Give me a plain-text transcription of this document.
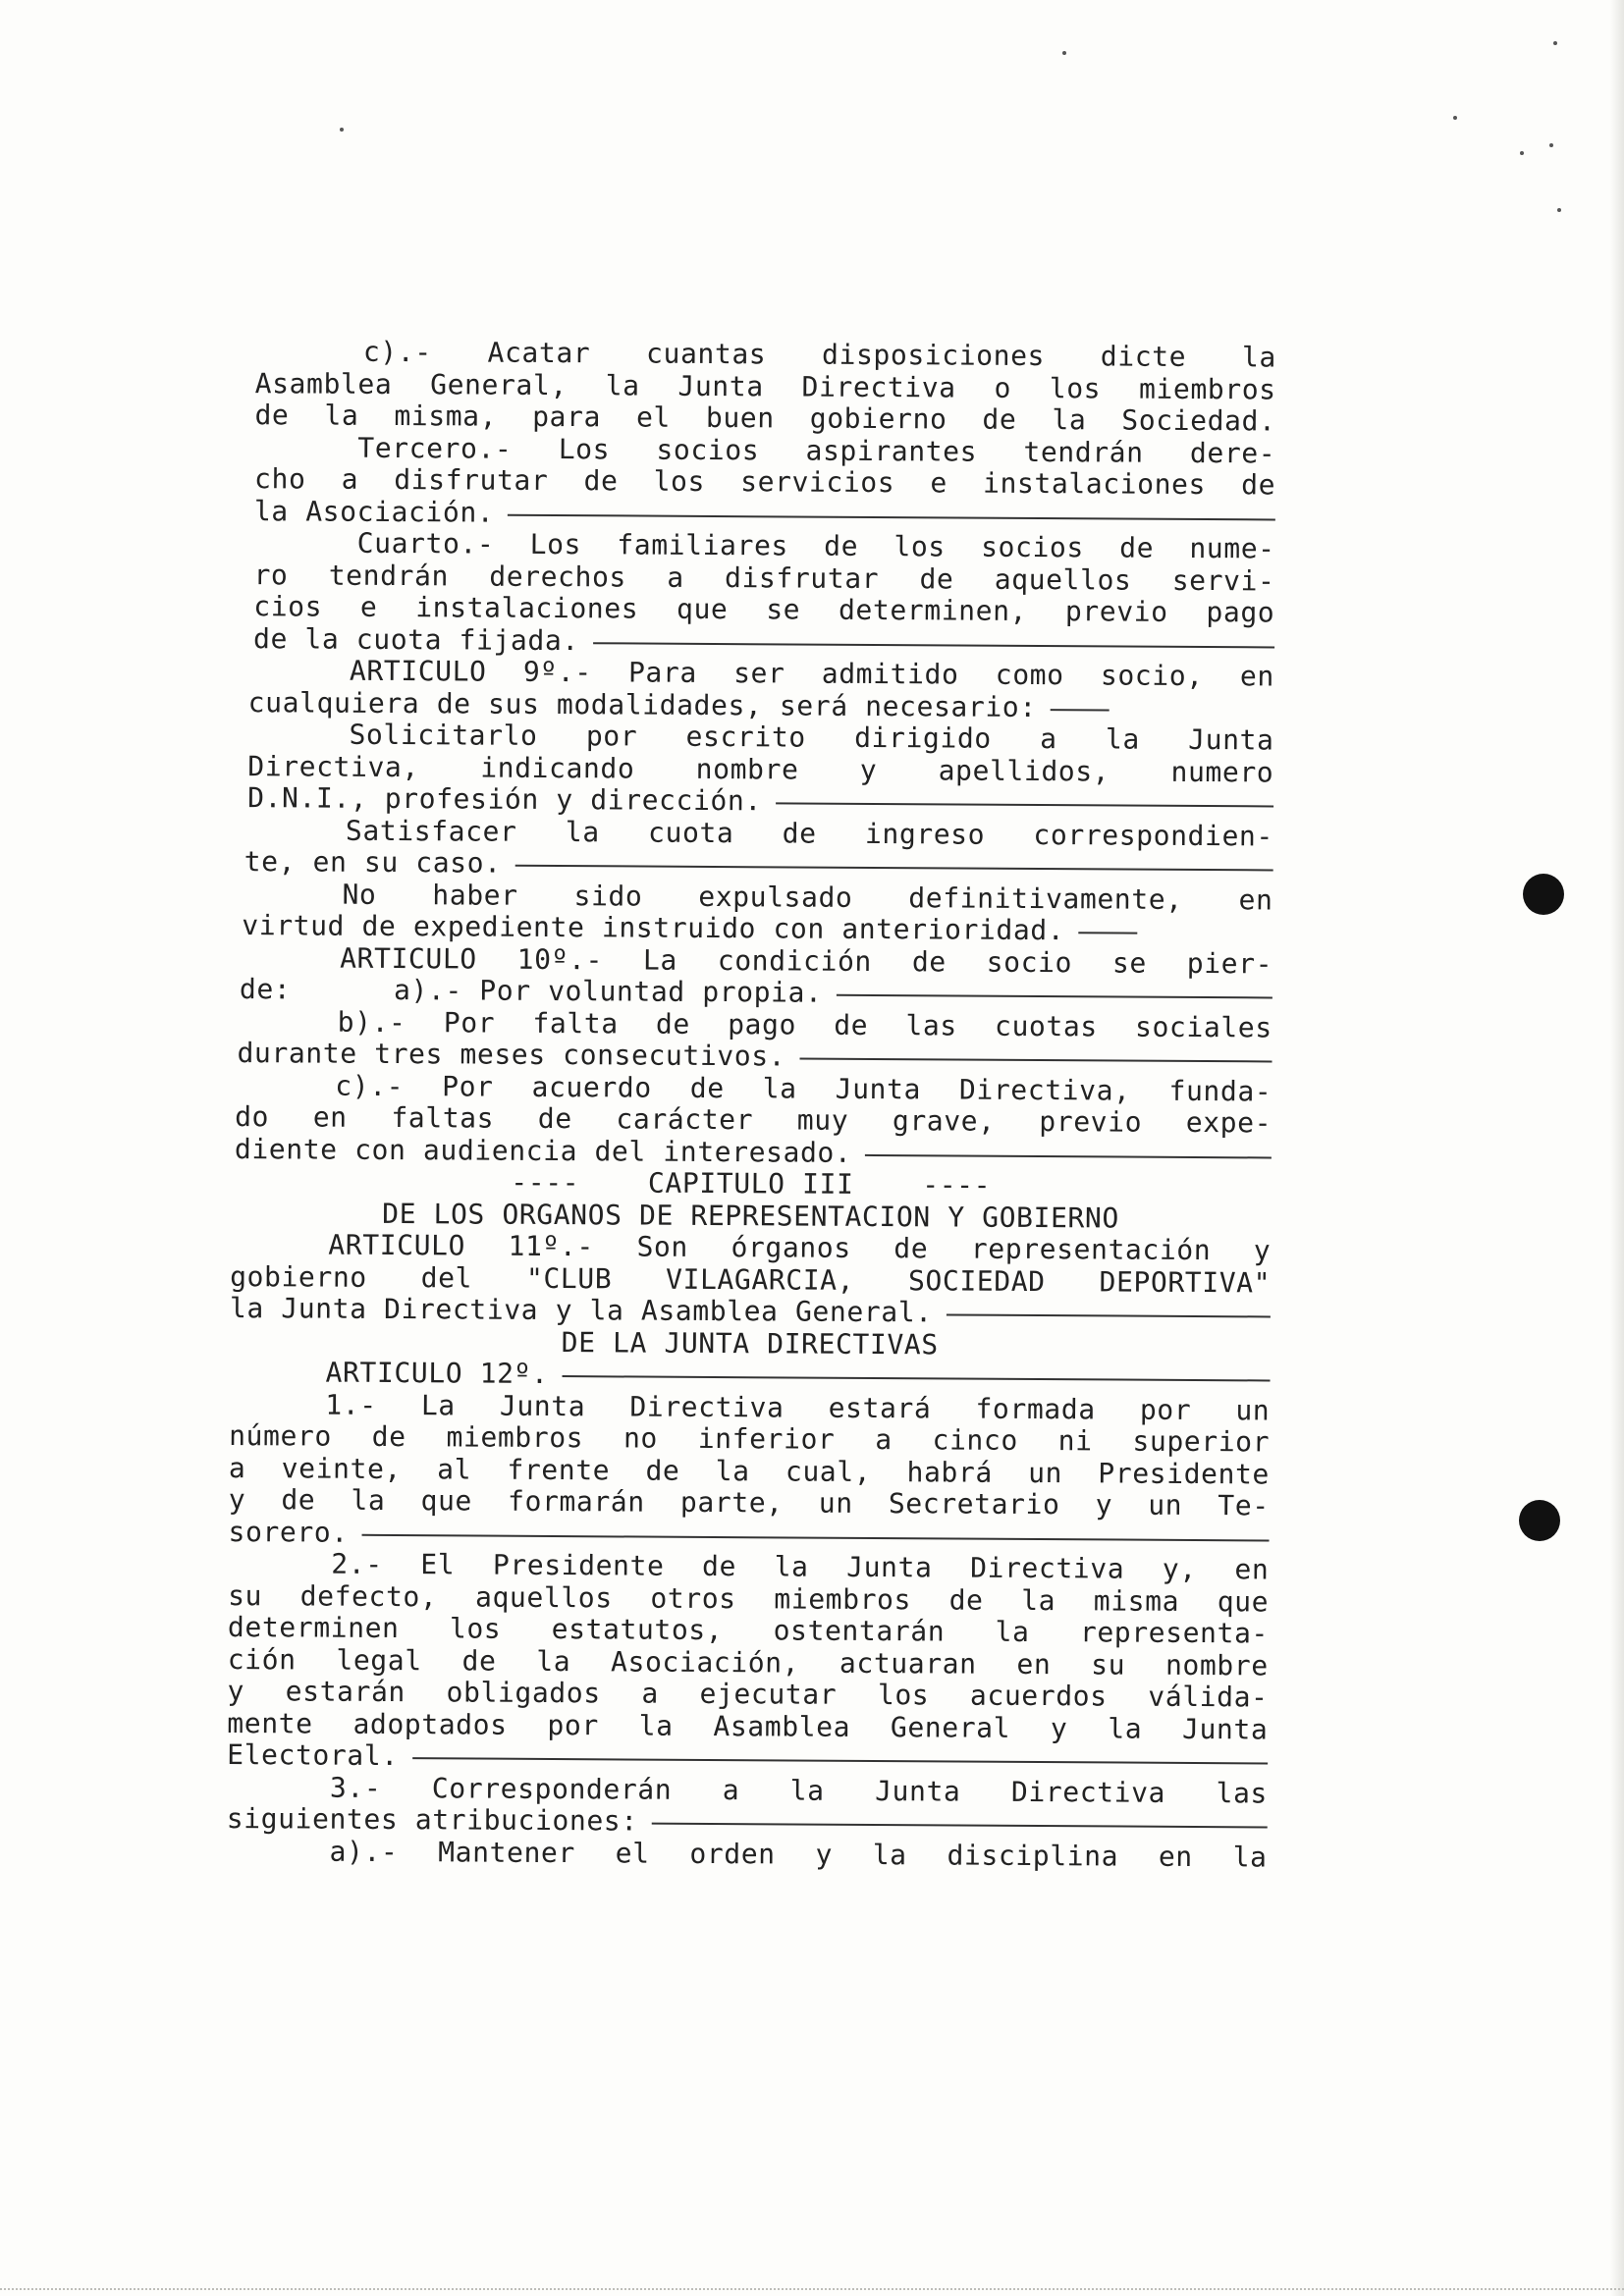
c).- Acatar cuantas disposiciones dicte la
Asamblea General, la Junta Directiva o los miembros
de la misma, para el buen gobierno de la Sociedad.
Tercero.- Los socios aspirantes tendrán dere-
cho a disfrutar de los servicios e instalaciones de
la Asociación.
Cuarto.- Los familiares de los socios de nume-
ro tendrán derechos a disfrutar de aquellos servi-
cios e instalaciones que se determinen, previo pago
de la cuota fijada.
ARTICULO 9º.- Para ser admitido como socio, en
cualquiera de sus modalidades, será necesario:
Solicitarlo por escrito dirigido a la Junta
Directiva, indicando nombre y apellidos, numero
D.N.I., profesión y dirección.
Satisfacer la cuota de ingreso correspondien-
te, en su caso.
No haber sido expulsado definitivamente, en
virtud de expediente instruido con anterioridad.
ARTICULO 10º.- La condición de socio se pier-
de:      a).- Por voluntad propia.
b).- Por falta de pago de las cuotas sociales
durante tres meses consecutivos.
c).- Por acuerdo de la Junta Directiva, funda-
do en faltas de carácter muy grave, previo expe-
diente con audiencia del interesado.
----    CAPITULO III    ----
DE LOS ORGANOS DE REPRESENTACION Y GOBIERNO
ARTICULO 11º.- Son órganos de representación y
gobierno del "CLUB VILAGARCIA, SOCIEDAD DEPORTIVA"
la Junta Directiva y la Asamblea General.
DE LA JUNTA DIRECTIVAS
ARTICULO 12º.
1.- La Junta Directiva estará formada por un
número de miembros no inferior a cinco ni superior
a veinte, al frente de la cual, habrá un Presidente
y de la que formarán parte, un Secretario y un Te-
sorero.
2.- El Presidente de la Junta Directiva y, en
su defecto, aquellos otros miembros de la misma que
determinen los estatutos, ostentarán la representa-
ción legal de la Asociación, actuaran en su nombre
y estarán obligados a ejecutar los acuerdos válida-
mente adoptados por la Asamblea General y la Junta
Electoral.
3.- Corresponderán a la Junta Directiva las
siguientes atribuciones:
a).- Mantener el orden y la disciplina en la
